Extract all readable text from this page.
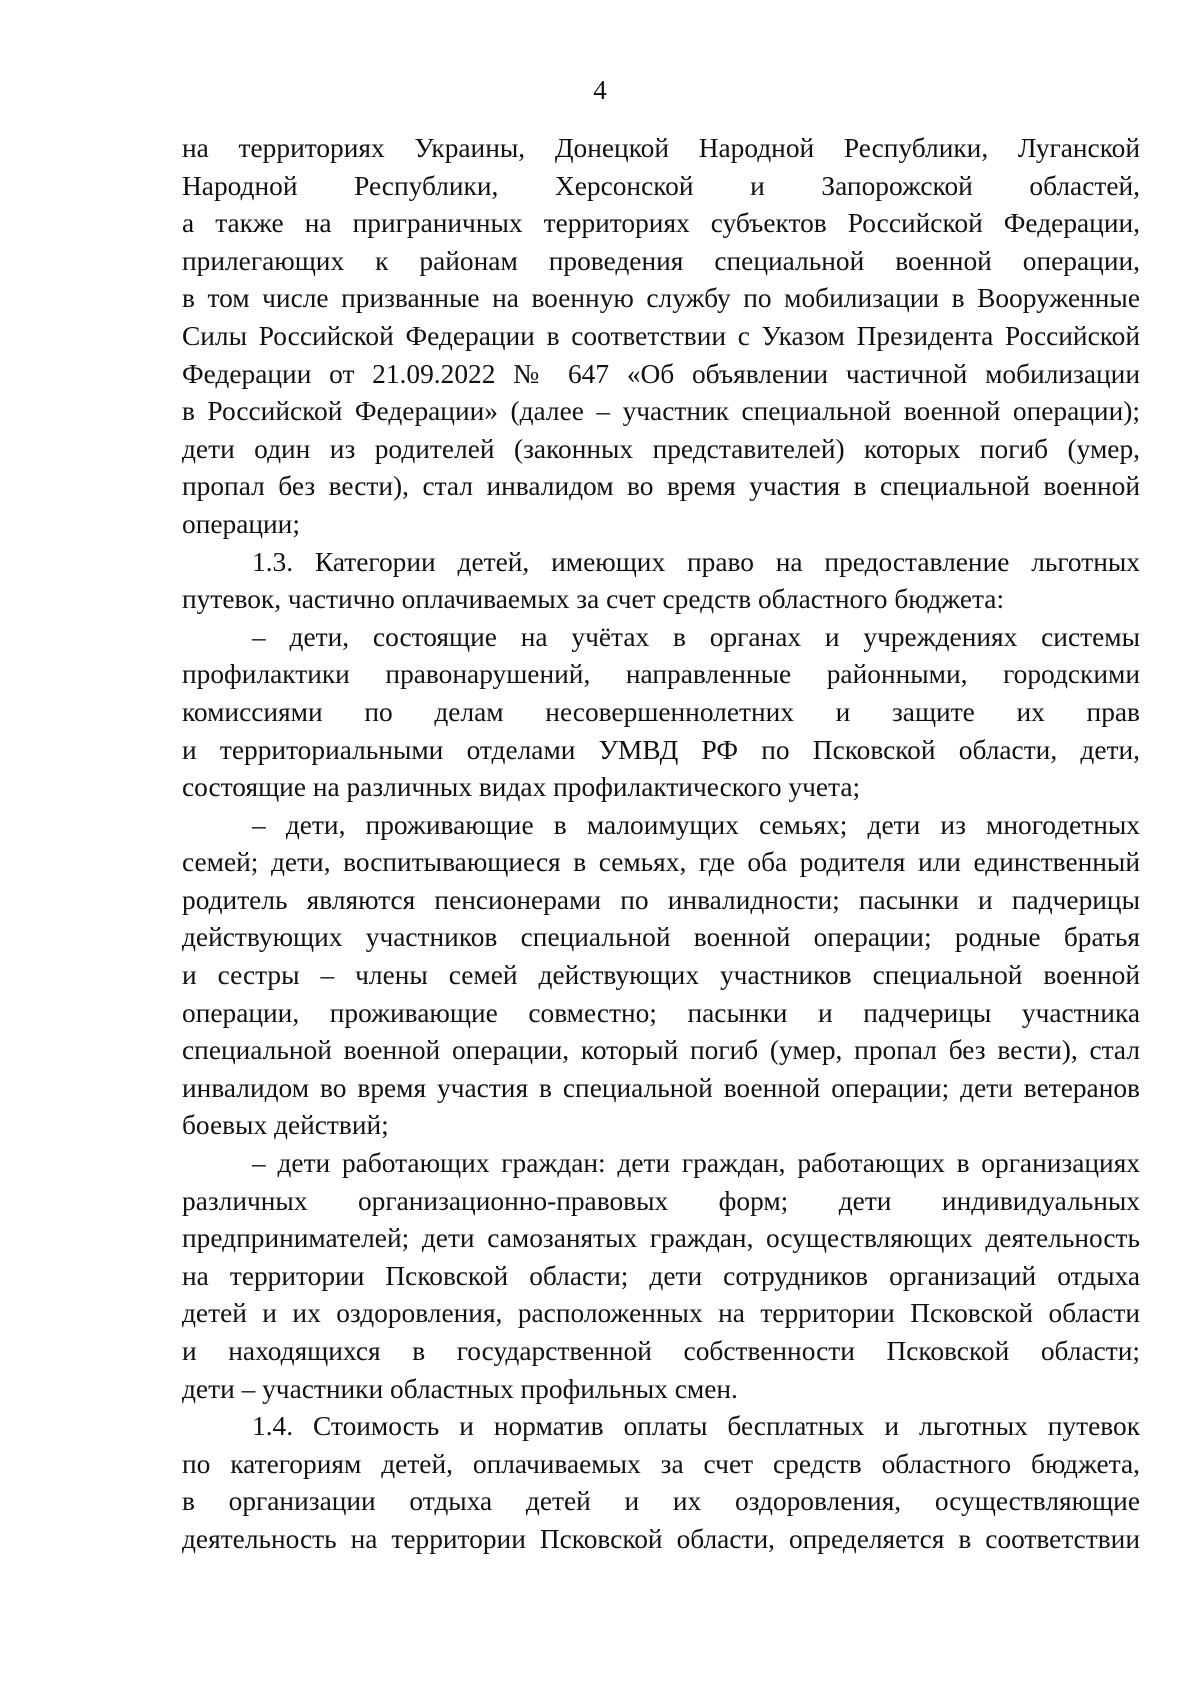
4
на территориях Украины, Донецкой Народной Республики, Луганской
Народной Республики, Херсонской и Запорожской областей,
а также на приграничных территориях субъектов Российской Федерации,
прилегающих к районам проведения специальной военной операции,
в том числе призванные на военную службу по мобилизации в Вооруженные
Силы Российской Федерации в соответствии с Указом Президента Российской
Федерации от 21.09.2022 № 647 «Об объявлении частичной мобилизации
в Российской Федерации» (далее – участник специальной военной операции);
дети один из родителей (законных представителей) которых погиб (умер,
пропал без вести), стал инвалидом во время участия в специальной военной
операции;
1.3. Категории детей, имеющих право на предоставление льготных
путевок, частично оплачиваемых за счет средств областного бюджета:
– дети, состоящие на учётах в органах и учреждениях системы
профилактики правонарушений, направленные районными, городскими
комиссиями по делам несовершеннолетних и защите их прав
и территориальными отделами УМВД РФ по Псковской области, дети,
состоящие на различных видах профилактического учета;
– дети, проживающие в малоимущих семьях; дети из многодетных
семей; дети, воспитывающиеся в семьях, где оба родителя или единственный
родитель являются пенсионерами по инвалидности; пасынки и падчерицы
действующих участников специальной военной операции; родные братья
и сестры – члены семей действующих участников специальной военной
операции, проживающие совместно; пасынки и падчерицы участника
специальной военной операции, который погиб (умер, пропал без вести), стал
инвалидом во время участия в специальной военной операции; дети ветеранов
боевых действий;
– дети работающих граждан: дети граждан, работающих в организациях
различных организационно-правовых форм; дети индивидуальных
предпринимателей; дети самозанятых граждан, осуществляющих деятельность
на территории Псковской области; дети сотрудников организаций отдыха
детей и их оздоровления, расположенных на территории Псковской области
и находящихся в государственной собственности Псковской области;
дети – участники областных профильных смен.
1.4. Стоимость и норматив оплаты бесплатных и льготных путевок
по категориям детей, оплачиваемых за счет средств областного бюджета,
в организации отдыха детей и их оздоровления, осуществляющие
деятельность на территории Псковской области, определяется в соответствии
